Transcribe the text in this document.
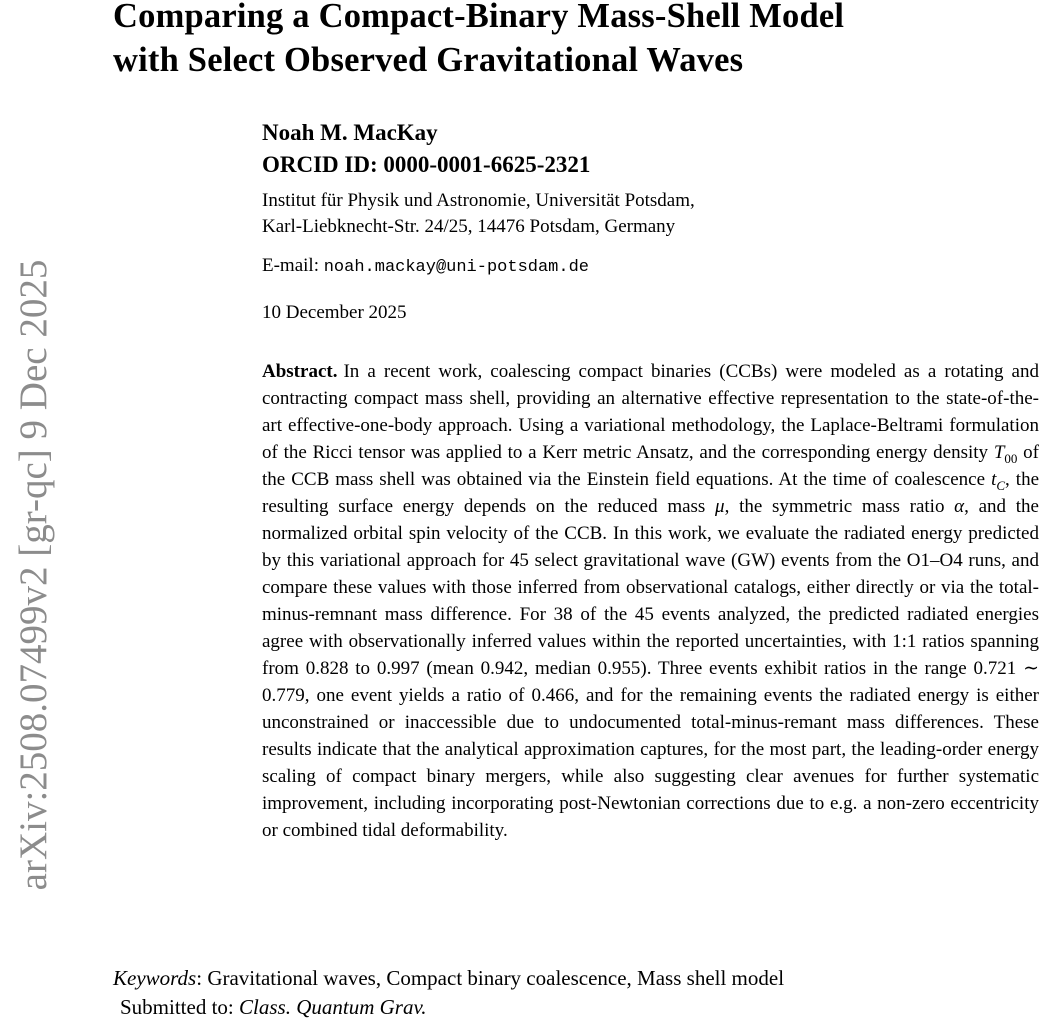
arXiv:2508.07499v2 [gr-qc] 9 Dec 2025
Comparing a Compact-Binary Mass-Shell Model
with Select Observed Gravitational Waves
Noah M. MacKay
ORCID ID: 0000-0001-6625-2321
Institut für Physik und Astronomie, Universität Potsdam,
Karl-Liebknecht-Str. 24/25, 14476 Potsdam, Germany
E-mail: noah.mackay@uni-potsdam.de
10 December 2025
Abstract. In a recent work, coalescing compact binaries (CCBs) were modeled as a rotating and contracting compact mass shell, providing an alternative effective representation to the state-of-the-art effective-one-body approach. Using a variational methodology, the Laplace-Beltrami formulation of the Ricci tensor was applied to a Kerr metric Ansatz, and the corresponding energy density $T_{00}$ of the CCB mass shell was obtained via the Einstein field equations. At the time of coalescence $t_C$, the resulting surface energy depends on the reduced mass μ, the symmetric mass ratio α, and the normalized orbital spin velocity of the CCB. In this work, we evaluate the radiated energy predicted by this variational approach for 45 select gravitational wave (GW) events from the O1–O4 runs, and compare these values with those inferred from observational catalogs, either directly or via the total-minus-remnant mass difference. For 38 of the 45 events analyzed, the predicted radiated energies agree with observationally inferred values within the reported uncertainties, with 1:1 ratios spanning from 0.828 to 0.997 (mean 0.942, median 0.955). Three events exhibit ratios in the range 0.721 ∼ 0.779, one event yields a ratio of 0.466, and for the remaining events the radiated energy is either unconstrained or inaccessible due to undocumented total-minus-remant mass differences. These results indicate that the analytical approximation captures, for the most part, the leading-order energy scaling of compact binary mergers, while also suggesting clear avenues for further systematic improvement, including incorporating post-Newtonian corrections due to e.g. a non-zero eccentricity or combined tidal deformability.
Keywords: Gravitational waves, Compact binary coalescence, Mass shell model
Submitted to: Class. Quantum Grav.
